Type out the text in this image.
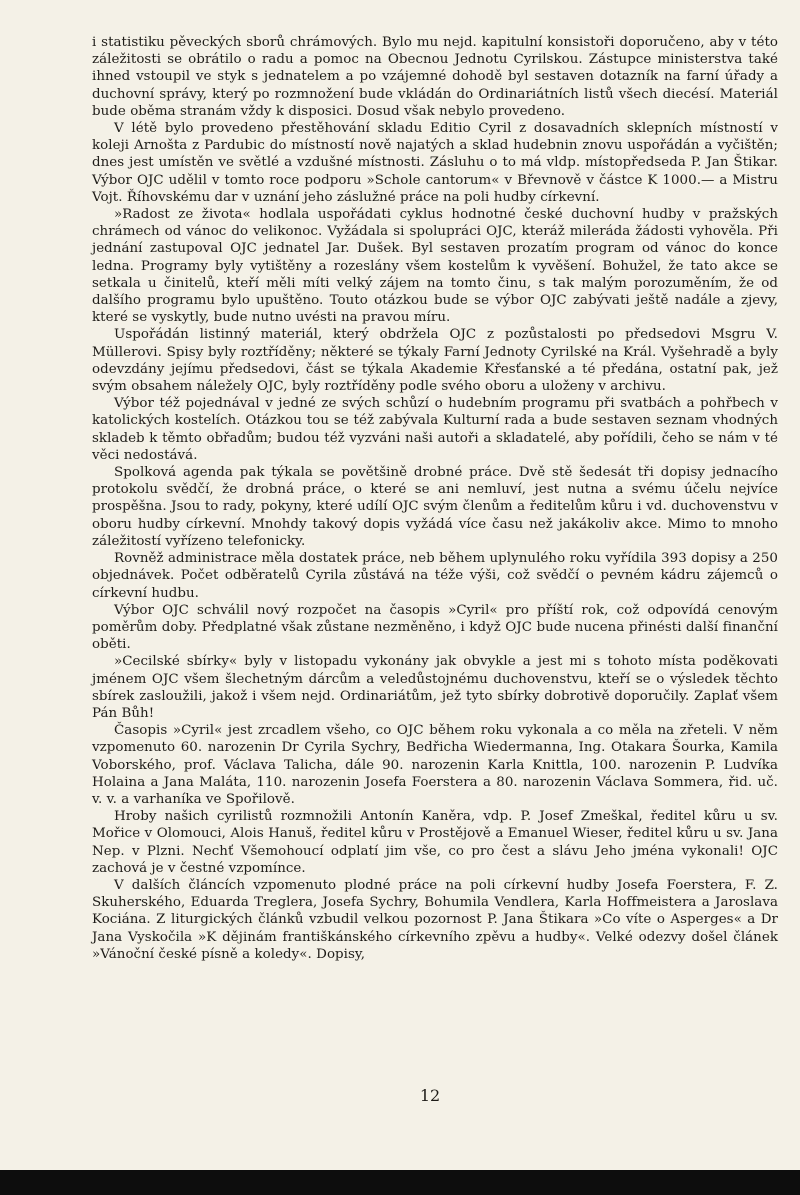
i statistiku pěveckých sborů chrámových. Bylo mu nejd. kapitulní konsistoři doporučeno, aby v této záležitosti se obrátilo o radu a pomoc na Obecnou Jednotu Cyrilskou. Zástupce ministerstva také ihned vstoupil ve styk s jednatelem a po vzájemné dohodě byl sestaven dotazník na farní úřady a duchovní správy, který po rozmnožení bude vkládán do Ordinariátních listů všech diecésí. Materiál bude oběma stranám vždy k disposici. Dosud však nebylo provedeno.

V létě bylo provedeno přestěhování skladu Editio Cyril z dosavadních sklepních místností v koleji Arnošta z Pardubic do místností nově najatých a sklad hudebnin znovu uspořádán a vyčištěn; dnes jest umístěn ve světlé a vzdušné místnosti. Zásluhu o to má vldp. místopředseda P. Jan Štikar. Výbor OJC udělil v tomto roce podporu »Schole cantorum« v Břevnově v částce K 1000.— a Mistru Vojt. Říhovskému dar v uznání jeho záslužné práce na poli hudby církevní.

»Radost ze života« hodlala uspořádati cyklus hodnotné české duchovní hudby v pražských chrámech od vánoc do velikonoc. Vyžádala si spolupráci OJC, kteráž mileráda žádosti vyhověla. Při jednání zastupoval OJC jednatel Jar. Dušek. Byl sestaven prozatím program od vánoc do konce ledna. Programy byly vytištěny a rozeslány všem kostelům k vyvěšení. Bohužel, že tato akce se setkala u činitelů, kteří měli míti velký zájem na tomto činu, s tak malým porozuměním, že od dalšího programu bylo upuštěno. Touto otázkou bude se výbor OJC zabývati ještě nadále a zjevy, které se vyskytly, bude nutno uvésti na pravou míru.

Uspořádán listinný materiál, který obdržela OJC z pozůstalosti po předsedovi Msgru V. Müllerovi. Spisy byly roztříděny; některé se týkaly Farní Jednoty Cyrilské na Král. Vyšehradě a byly odevzdány jejímu předsedovi, část se týkala Akademie Křesťanské a té předána, ostatní pak, jež svým obsahem náležely OJC, byly roztříděny podle svého oboru a uloženy v archivu.

Výbor též pojednával v jedné ze svých schůzí o hudebním programu při svatbách a pohřbech v katolických kostelích. Otázkou tou se též zabývala Kulturní rada a bude sestaven seznam vhodných skladeb k těmto obřadům; budou též vyzváni naši autoři a skladatelé, aby pořídili, čeho se nám v té věci nedostává.

Spolková agenda pak týkala se povětšině drobné práce. Dvě stě šedesát tři dopisy jednacího protokolu svědčí, že drobná práce, o které se ani nemluví, jest nutna a svému účelu nejvíce prospěšna. Jsou to rady, pokyny, které udílí OJC svým členům a ředitelům kůru i vd. duchovenstvu v oboru hudby církevní. Mnohdy takový dopis vyžádá více času než jakákoliv akce. Mimo to mnoho záležitostí vyřízeno telefonicky.

Rovněž administrace měla dostatek práce, neb během uplynulého roku vyřídila 393 dopisy a 250 objednávek. Počet odběratelů Cyrila zůstává na téže výši, což svědčí o pevném kádru zájemců o církevní hudbu.

Výbor OJC schválil nový rozpočet na časopis »Cyril« pro příští rok, což odpovídá cenovým poměrům doby. Předplatné však zůstane nezměněno, i když OJC bude nucena přinésti další finanční oběti.

»Cecilské sbírky« byly v listopadu vykonány jak obvykle a jest mi s tohoto místa poděkovati jménem OJC všem šlechetným dárcům a veledůstojnému duchovenstvu, kteří se o výsledek těchto sbírek zasloužili, jakož i všem nejd. Ordinariátům, jež tyto sbírky dobrotivě doporučily. Zaplať všem Pán Bůh!

Časopis »Cyril« jest zrcadlem všeho, co OJC během roku vykonala a co měla na zřeteli. V něm vzpomenuto 60. narozenin Dr Cyrila Sychry, Bedřicha Wiedermanna, Ing. Otakara Šourka, Kamila Voborského, prof. Václava Talicha, dále 90. narozenin Karla Knittla, 100. narozenin P. Ludvíka Holaina a Jana Maláta, 110. narozenin Josefa Foerstera a 80. narozenin Václava Sommera, řid. uč. v. v. a varhaníka ve Spořilově.

Hroby našich cyrilistů rozmnožili Antonín Kaněra, vdp. P. Josef Zmeškal, ředitel kůru u sv. Mořice v Olomouci, Alois Hanuš, ředitel kůru v Prostějově a Emanuel Wieser, ředitel kůru u sv. Jana Nep. v Plzni. Nechť Všemohoucí odplatí jim vše, co pro čest a slávu Jeho jména vykonali! OJC zachová je v čestné vzpomínce.

V dalších článcích vzpomenuto plodné práce na poli církevní hudby Josefa Foerstera, F. Z. Skuherského, Eduarda Treglera, Josefa Sychry, Bohumila Vendlera, Karla Hoffmeistera a Jaroslava Kociána. Z liturgických článků vzbudil velkou pozornost P. Jana Štikara »Co víte o Asperges« a Dr Jana Vyskočila »K dějinám františkánského církevního zpěvu a hudby«. Velké odezvy došel článek »Vánoční české písně a koledy«. Dopisy,

12
